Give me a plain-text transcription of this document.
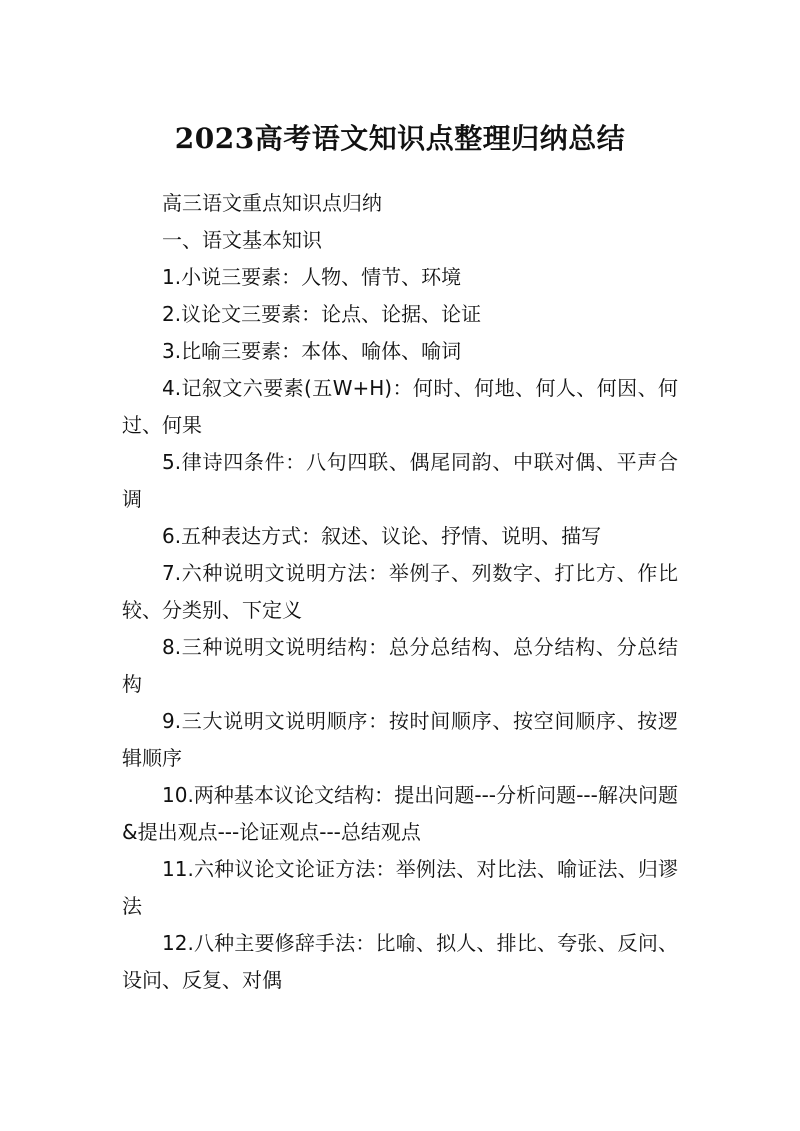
2023高考语文知识点整理归纳总结

高三语文重点知识点归纳

一、语文基本知识

1.小说三要素：人物、情节、环境

2.议论文三要素：论点、论据、论证

3.比喻三要素：本体、喻体、喻词

4.记叙文六要素(五W+H)：何时、何地、何人、何因、何过、何果

5.律诗四条件：八句四联、偶尾同韵、中联对偶、平声合调

6.五种表达方式：叙述、议论、抒情、说明、描写

7.六种说明文说明方法：举例子、列数字、打比方、作比较、分类别、下定义

8.三种说明文说明结构：总分总结构、总分结构、分总结构

9.三大说明文说明顺序：按时间顺序、按空间顺序、按逻辑顺序

10.两种基本议论文结构：提出问题---分析问题---解决问题&提出观点---论证观点---总结观点

11.六种议论文论证方法：举例法、对比法、喻证法、归谬法

12.八种主要修辞手法：比喻、拟人、排比、夸张、反问、设问、反复、对偶
